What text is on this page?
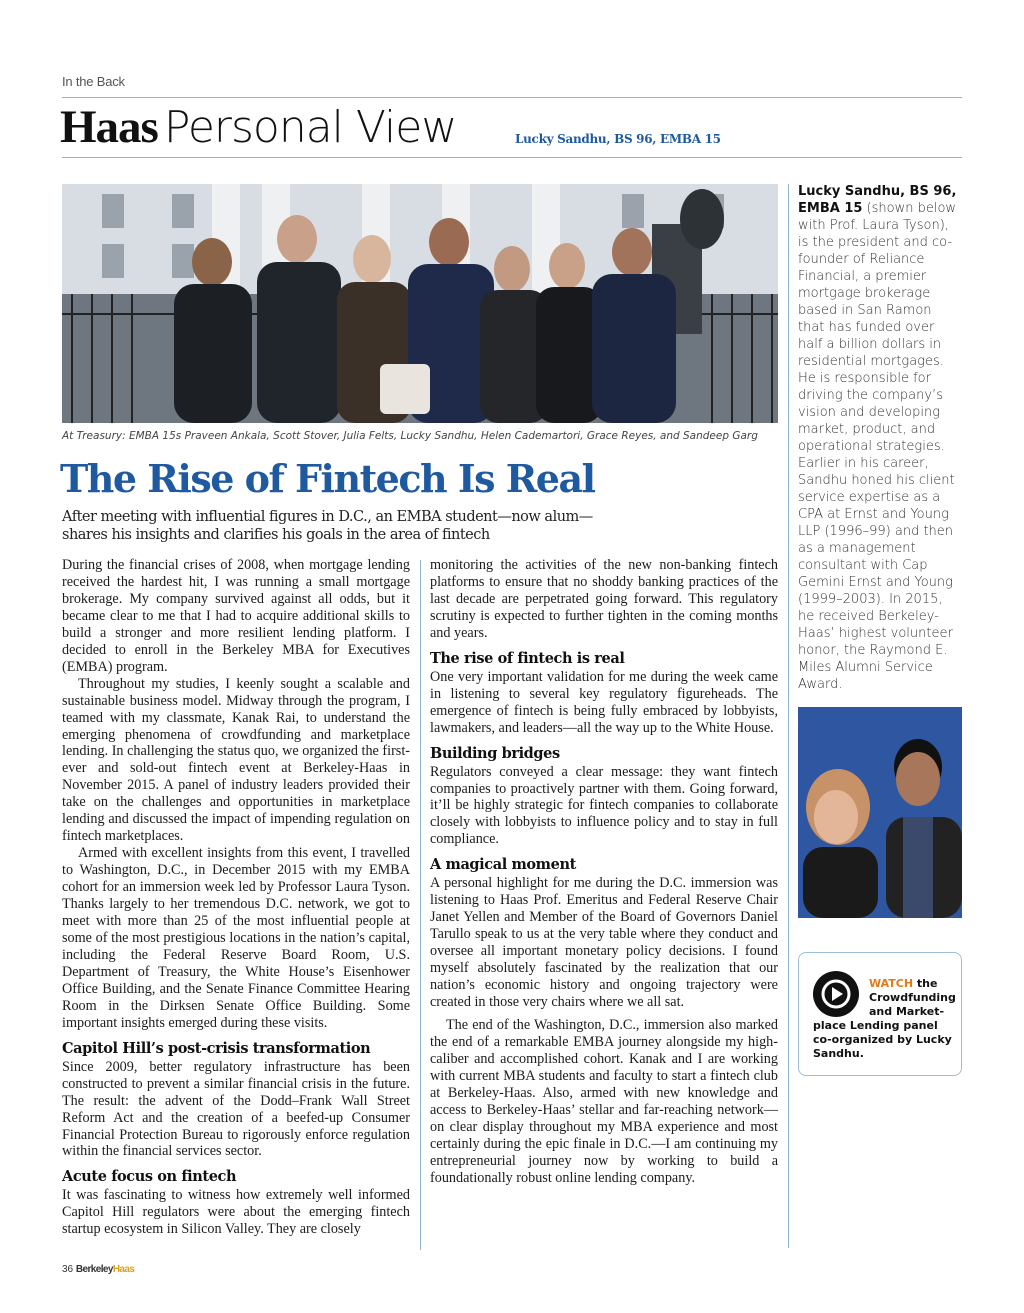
In the Back
Haas Personal View	Lucky Sandhu, BS 96, EMBA 15
At Treasury: EMBA 15s Praveen Ankala, Scott Stover, Julia Felts, Lucky Sandhu, Helen Cademartori, Grace Reyes, and Sandeep Garg
The Rise of Fintech Is Real
After meeting with influential figures in D.C., an EMBA student—now alum—shares his insights and clarifies his goals in the area of fintech

During the financial crises of 2008, when mortgage lending received the hardest hit, I was running a small mortgage brokerage. My company survived against all odds, but it became clear to me that I had to acquire additional skills to build a stronger and more resilient lending platform. I decided to enroll in the Berkeley MBA for Executives (EMBA) program.

Throughout my studies, I keenly sought a scalable and sustainable business model. Midway through the program, I teamed with my classmate, Kanak Rai, to understand the emerging phenomena of crowdfunding and marketplace lending. In challenging the status quo, we organized the first-ever and sold-out fintech event at Berkeley-Haas in November 2015. A panel of industry leaders provided their take on the challenges and opportunities in marketplace lending and discussed the impact of impending regulation on fintech marketplaces.

Armed with excellent insights from this event, I travelled to Washington, D.C., in December 2015 with my EMBA cohort for an immersion week led by Professor Laura Tyson. Thanks largely to her tremendous D.C. network, we got to meet with more than 25 of the most influential people at some of the most prestigious locations in the nation’s capital, including the Federal Reserve Board Room, U.S. Department of Treasury, the White House’s Eisenhower Office Building, and the Senate Finance Committee Hearing Room in the Dirksen Senate Office Building. Some important insights emerged during these visits.

Capitol Hill’s post-crisis transformation

Since 2009, better regulatory infrastructure has been constructed to prevent a similar financial crisis in the future. The result: the advent of the Dodd–Frank Wall Street Reform Act and the creation of a beefed-up Consumer Financial Protection Bureau to rigorously enforce regulation within the financial services sector.

Acute focus on fintech

It was fascinating to witness how extremely well informed Capitol Hill regulators were about the emerging fintech startup ecosystem in Silicon Valley. They are closely

monitoring the activities of the new non-banking fintech platforms to ensure that no shoddy banking practices of the last decade are perpetrated going forward. This regulatory scrutiny is expected to further tighten in the coming months and years.

The rise of fintech is real

One very important validation for me during the week came in listening to several key regulatory figureheads. The emergence of fintech is being fully embraced by lobbyists, lawmakers, and leaders—all the way up to the White House.

Building bridges

Regulators conveyed a clear message: they want fintech companies to proactively partner with them. Going forward, it’ll be highly strategic for fintech companies to collaborate closely with lobbyists to influence policy and to stay in full compliance.

A magical moment

A personal highlight for me during the D.C. immersion was listening to Haas Prof. Emeritus and Federal Reserve Chair Janet Yellen and Member of the Board of Governors Daniel Tarullo speak to us at the very table where they conduct and oversee all important monetary policy decisions. I found myself absolutely fascinated by the realization that our nation’s economic history and ongoing trajectory were created in those very chairs where we all sat.

The end of the Washington, D.C., immersion also marked the end of a remarkable EMBA journey alongside my high-caliber and accomplished cohort. Kanak and I are working with current MBA students and faculty to start a fintech club at Berkeley-Haas. Also, armed with new knowledge and access to Berkeley-Haas’ stellar and far-reaching network—on clear display throughout my MBA experience and most certainly during the epic finale in D.C.—I am continuing my entrepreneurial journey now by working to build a foundationally robust online lending company.

Lucky Sandhu, BS 96, EMBA 15 (shown below with Prof. Laura Tyson), is the president and co-founder of Reliance Financial, a premier mortgage brokerage based in San Ramon that has funded over half a billion dollars in residential mortgages. He is responsible for driving the company’s vision and developing market, product, and operational strategies. Earlier in his career, Sandhu honed his client service expertise as a CPA at Ernst and Young LLP (1996–99) and then as a management consultant with Cap Gemini Ernst and Young (1999–2003). In 2015, he received Berkeley-Haas’ highest volunteer honor, the Raymond E. Miles Alumni Service Award.
WATCH the Crowdfunding and Market-
place Lending panel co-organized by Lucky Sandhu.
36 BerkeleyHaas
